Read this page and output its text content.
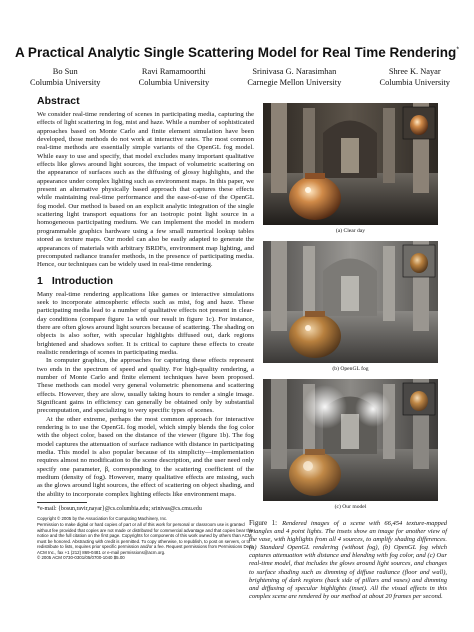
A Practical Analytic Single Scattering Model for Real Time Rendering*
Bo Sun
Columbia University
Ravi Ramamoorthi
Columbia University
Srinivasa G. Narasimhan
Carnegie Mellon University
Shree K. Nayar
Columbia University
Abstract

We consider real-time rendering of scenes in participating media, capturing the effects of light scattering in fog, mist and haze. While a number of sophisticated approaches based on Monte Carlo and finite element simulation have been developed, those methods do not work at interactive rates. The most common real-time methods are essentially simple variants of the OpenGL fog model. While easy to use and specify, that model excludes many important qualitative effects like glows around light sources, the impact of volumetric scattering on the appearance of surfaces such as the diffusing of glossy highlights, and the appearance under complex lighting such as environment maps. In this paper, we present an alternative physically based approach that captures these effects while maintaining real-time performance and the ease-of-use of the OpenGL fog model. Our method is based on an explicit analytic integration of the single scattering light transport equations for an isotropic point light source in a homogeneous participating medium. We can implement the model in modern programmable graphics hardware using a few small numerical lookup tables stored as texture maps. Our model can also be easily adapted to generate the appearances of materials with arbitrary BRDFs, environment map lighting, and precomputed radiance transfer methods, in the presence of participating media. Hence, our techniques can be widely used in real-time rendering.

1 Introduction

Many real-time rendering applications like games or interactive simulations seek to incorporate atmospheric effects such as mist, fog and haze. These participating media lead to a number of qualitative effects not present in clear-day conditions (compare figure 1a with our result in figure 1c). For instance, there are often glows around light sources because of scattering. The shading on objects is also softer, with specular highlights diffused out, dark regions brightened and shadows softer. It is critical to capture these effects to create realistic renderings of scenes in participating media.

In computer graphics, the approaches for capturing these effects represent two ends in the spectrum of speed and quality. For high-quality rendering, a number of Monte Carlo and finite element techniques have been proposed. These methods can model very general volumetric phenomena and scattering effects. However, they are slow, usually taking hours to render a single image. Significant gains in efficiency can generally be obtained only by substantial precomputation, and specializing to very specific types of scenes.

At the other extreme, perhaps the most common approach for interactive rendering is to use the OpenGL fog model, which simply blends the fog color with the object color, based on the distance of the viewer (figure 1b). The fog model captures the attenuation of surface radiance with distance in participating media. This model is also popular because of its simplicity—implementation requires almost no modification to the scene description, and the user need only specify one parameter, β, corresponding to the scattering coefficient of the medium (density of fog). However, many qualitative effects are missing, such as the glows around light sources, the effect of scattering on object shading, and the ability to incorporate complex lighting effects like environment maps.

*e-mail: {bosun,ravir,nayar}@cs.columbia.edu; srinivas@cs.cmu.edu
Copyright © 2005 by the Association for Computing Machinery, Inc.
Permission to make digital or hard copies of part or all of this work for personal or classroom use is granted without fee provided that copies are not made or distributed for commercial advantage and that copies bear this notice and the full citation on the first page. Copyrights for components of this work owned by others than ACM must be honored. Abstracting with credit is permitted. To copy otherwise, to republish, to post on servers, or to redistribute to lists, requires prior specific permission and/or a fee. Request permissions from Permissions Dept, ACM Inc., fax +1 (212) 869-0481 or e-mail permissions@acm.org.
© 2005 ACM 0730-0301/05/0700-1040 $5.00
(a) Clear day
(b) OpenGL fog
(c) Our model

Figure 1: Rendered images of a scene with 66,454 texture-mapped triangles and 4 point lights. The insets show an image for another view of the vase, with highlights from all 4 sources, to amplify shading differences. (a) Standard OpenGL rendering (without fog), (b) OpenGL fog which captures attenuation with distance and blending with fog color, and (c) Our real-time model, that includes the glows around light sources, and changes to surface shading such as dimming of diffuse radiance (floor and wall), brightening of dark regions (back side of pillars and vases) and dimming and diffusing of specular highlights (inset). All the visual effects in this complex scene are rendered by our method at about 20 frames per second.
